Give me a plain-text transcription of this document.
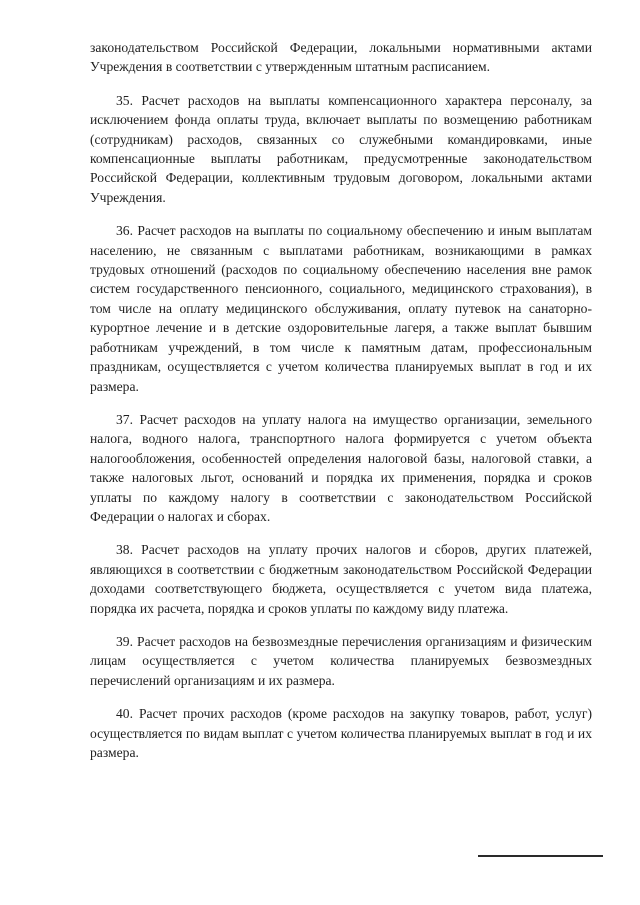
законодательством Российской Федерации, локальными нормативными актами Учреждения в соответствии с утвержденным штатным расписанием.

35. Расчет расходов на выплаты компенсационного характера персоналу, за исключением фонда оплаты труда, включает выплаты по возмещению работникам (сотрудникам) расходов, связанных со служебными командировками, иные компенсационные выплаты работникам, предусмотренные законодательством Российской Федерации, коллективным трудовым договором, локальными актами Учреждения.

36. Расчет расходов на выплаты по социальному обеспечению и иным выплатам населению, не связанным с выплатами работникам, возникающими в рамках трудовых отношений (расходов по социальному обеспечению населения вне рамок систем государственного пенсионного, социального, медицинского страхования), в том числе на оплату медицинского обслуживания, оплату путевок на санаторно-курортное лечение и в детские оздоровительные лагеря, а также выплат бывшим работникам учреждений, в том числе к памятным датам, профессиональным праздникам, осуществляется с учетом количества планируемых выплат в год и их размера.

37. Расчет расходов на уплату налога на имущество организации, земельного налога, водного налога, транспортного налога формируется с учетом объекта налогообложения, особенностей определения налоговой базы, налоговой ставки, а также налоговых льгот, оснований и порядка их применения, порядка и сроков уплаты по каждому налогу в соответствии с законодательством Российской Федерации о налогах и сборах.

38. Расчет расходов на уплату прочих налогов и сборов, других платежей, являющихся в соответствии с бюджетным законодательством Российской Федерации доходами соответствующего бюджета, осуществляется с учетом вида платежа, порядка их расчета, порядка и сроков уплаты по каждому виду платежа.

39. Расчет расходов на безвозмездные перечисления организациям и физическим лицам осуществляется с учетом количества планируемых безвозмездных перечислений организациям и их размера.

40. Расчет прочих расходов (кроме расходов на закупку товаров, работ, услуг) осуществляется по видам выплат с учетом количества планируемых выплат в год и их размера.
